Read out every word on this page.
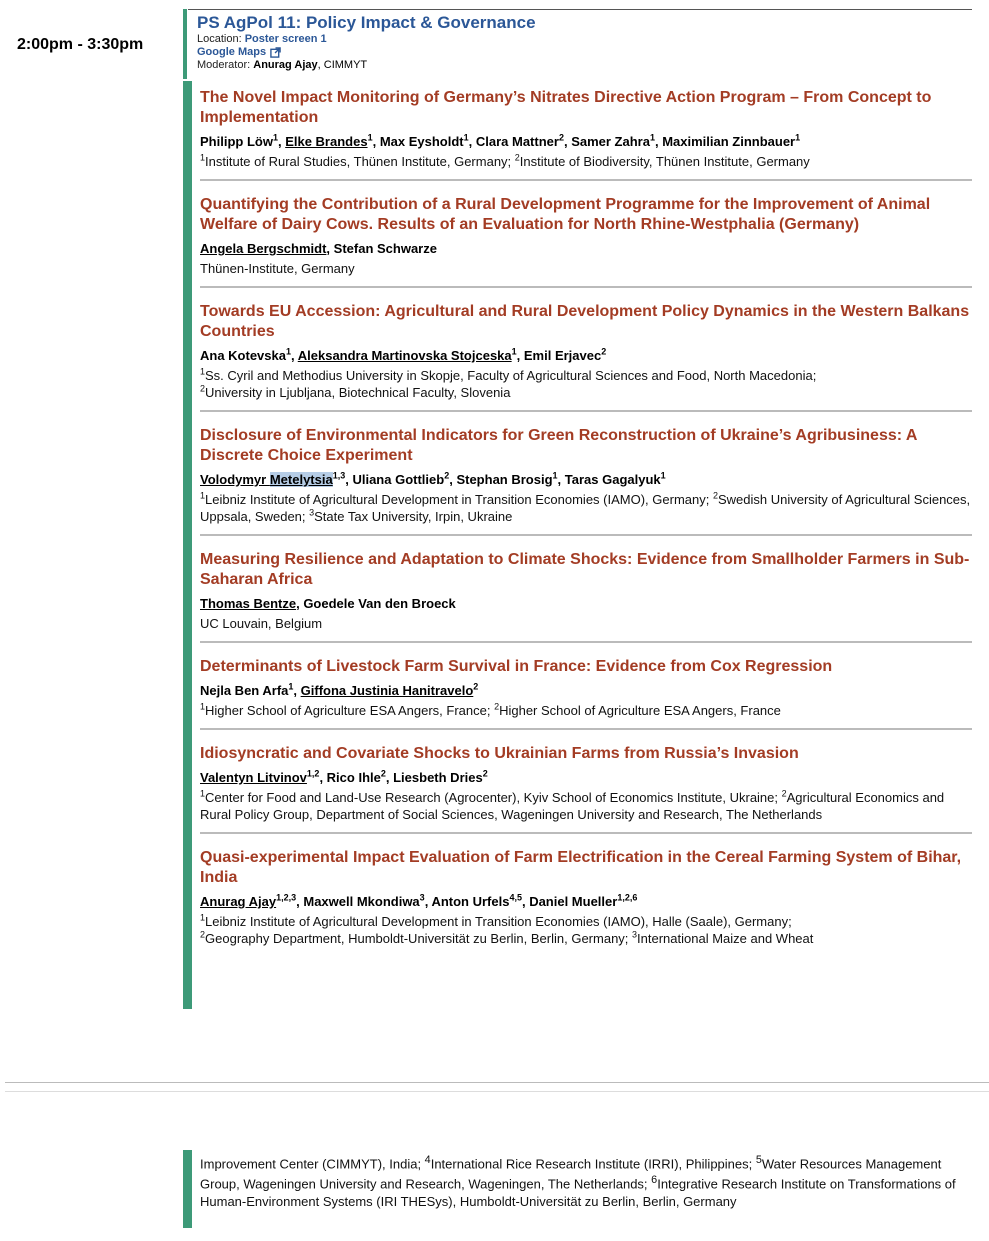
2:00pm - 3:30pm
PS AgPol 11: Policy Impact & Governance
Location: Poster screen 1
Google Maps
Moderator: Anurag Ajay, CIMMYT
The Novel Impact Monitoring of Germany’s Nitrates Directive Action Program – From Concept to Implementation
Philipp Löw$^1$, Elke Brandes$^1$, Max Eysholdt$^1$, Clara Mattner$^2$, Samer Zahra$^1$, Maximilian Zinnbauer$^1$
$^1$Institute of Rural Studies, Thünen Institute, Germany; $^2$Institute of Biodiversity, Thünen Institute, Germany
Quantifying the Contribution of a Rural Development Programme for the Improvement of Animal Welfare of Dairy Cows. Results of an Evaluation for North Rhine-Westphalia (Germany)
Angela Bergschmidt, Stefan Schwarze
Thünen-Institute, Germany
Towards EU Accession: Agricultural and Rural Development Policy Dynamics in the Western Balkans Countries
Ana Kotevska$^1$, Aleksandra Martinovska Stojceska$^1$, Emil Erjavec$^2$
$^1$Ss. Cyril and Methodius University in Skopje, Faculty of Agricultural Sciences and Food, North Macedonia;
$^2$University in Ljubljana, Biotechnical Faculty, Slovenia
Disclosure of Environmental Indicators for Green Reconstruction of Ukraine’s Agribusiness: A Discrete Choice Experiment
Volodymyr Metelytsia$^{1,3}$, Uliana Gottlieb$^2$, Stephan Brosig$^1$, Taras Gagalyuk$^1$
$^1$Leibniz Institute of Agricultural Development in Transition Economies (IAMO), Germany; $^2$Swedish University of Agricultural Sciences, Uppsala, Sweden; $^3$State Tax University, Irpin, Ukraine
Measuring Resilience and Adaptation to Climate Shocks: Evidence from Smallholder Farmers in Sub-Saharan Africa
Thomas Bentze, Goedele Van den Broeck
UC Louvain, Belgium
Determinants of Livestock Farm Survival in France: Evidence from Cox Regression
Nejla Ben Arfa$^1$, Giffona Justinia Hanitravelo$^2$
$^1$Higher School of Agriculture ESA Angers, France; $^2$Higher School of Agriculture ESA Angers, France
Idiosyncratic and Covariate Shocks to Ukrainian Farms from Russia’s Invasion
Valentyn Litvinov$^{1,2}$, Rico Ihle$^2$, Liesbeth Dries$^2$
$^1$Center for Food and Land-Use Research (Agrocenter), Kyiv School of Economics Institute, Ukraine; $^2$Agricultural Economics and Rural Policy Group, Department of Social Sciences, Wageningen University and Research, The Netherlands
Quasi-experimental Impact Evaluation of Farm Electrification in the Cereal Farming System of Bihar, India
Anurag Ajay$^{1,2,3}$, Maxwell Mkondiwa$^3$, Anton Urfels$^{4,5}$, Daniel Mueller$^{1,2,6}$
$^1$Leibniz Institute of Agricultural Development in Transition Economies (IAMO), Halle (Saale), Germany;
$^2$Geography Department, Humboldt-Universität zu Berlin, Berlin, Germany; $^3$International Maize and Wheat
Improvement Center (CIMMYT), India; $^4$International Rice Research Institute (IRRI), Philippines; $^5$Water Resources Management Group, Wageningen University and Research, Wageningen, The Netherlands; $^6$Integrative Research Institute on Transformations of Human-Environment Systems (IRI THESys), Humboldt-Universität zu Berlin, Berlin, Germany
